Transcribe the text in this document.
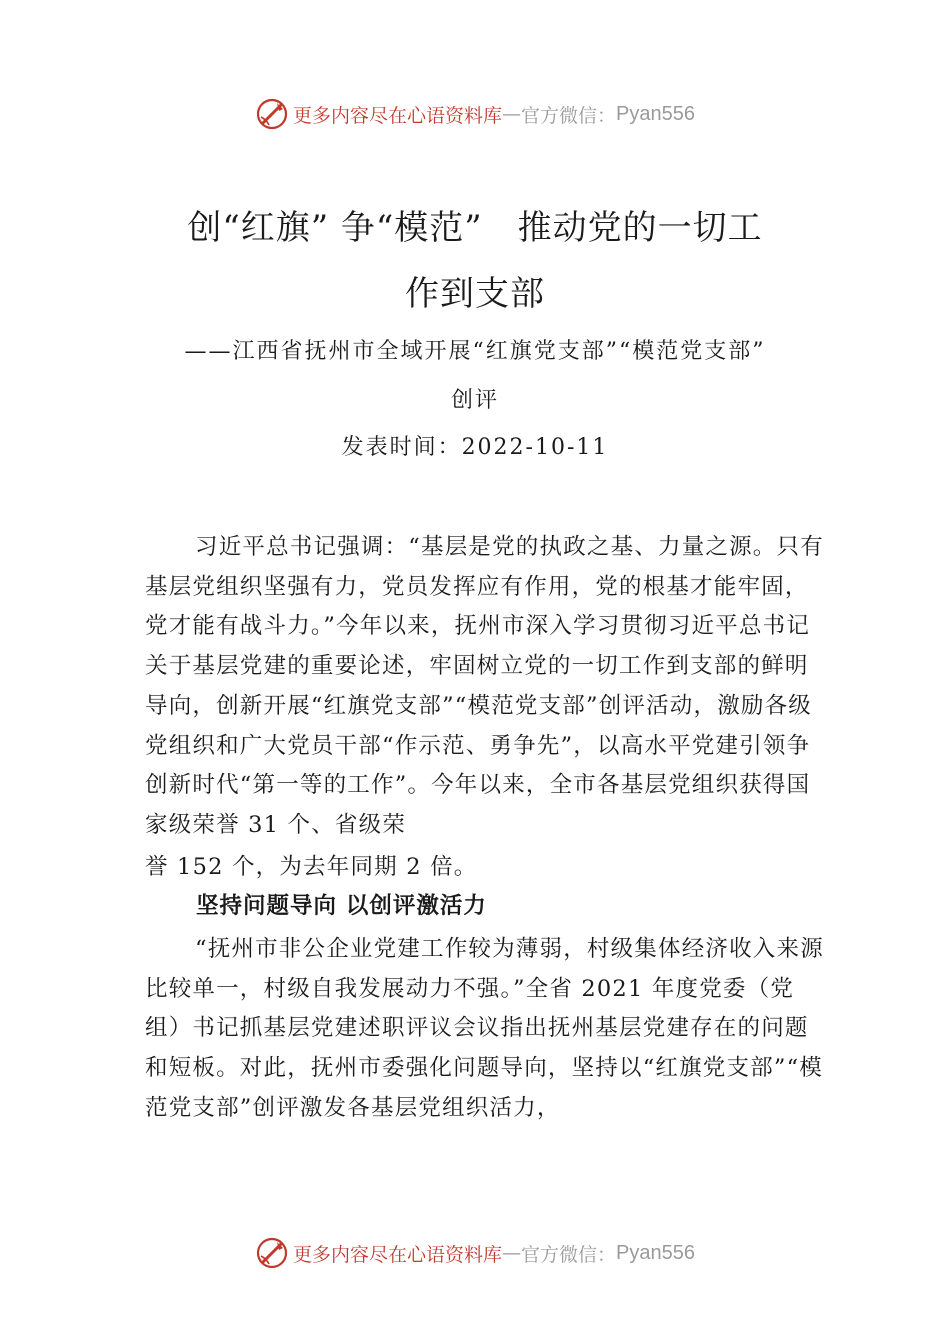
更多内容尽在心语资料库 — 官方微信： Pyan556
创“红旗” 争“模范”　推动党的一切工
作到支部
——江西省抚州市全域开展“红旗党支部”“模范党支部”
创评
发表时间：2022-10-11

习近平总书记强调：“基层是党的执政之基、力量之源。只有基层党组织坚强有力，党员发挥应有作用，党的根基才能牢固，党才能有战斗力。”今年以来，抚州市深入学习贯彻习近平总书记关于基层党建的重要论述，牢固树立党的一切工作到支部的鲜明导向，创新开展“红旗党支部”“模范党支部”创评活动，激励各级党组织和广大党员干部“作示范、勇争先”，以高水平党建引领争创新时代“第一等的工作”。今年以来，全市各基层党组织获得国家级荣誉 31 个、省级荣

誉 152 个，为去年同期 2 倍。

坚持问题导向 以创评激活力

“抚州市非公企业党建工作较为薄弱，村级集体经济收入来源比较单一，村级自我发展动力不强。”全省 2021 年度党委（党组）书记抓基层党建述职评议会议指出抚州基层党建存在的问题和短板。对此，抚州市委强化问题导向，坚持以“红旗党支部”“模范党支部”创评激发各基层党组织活力，

更多内容尽在心语资料库 — 官方微信： Pyan556
